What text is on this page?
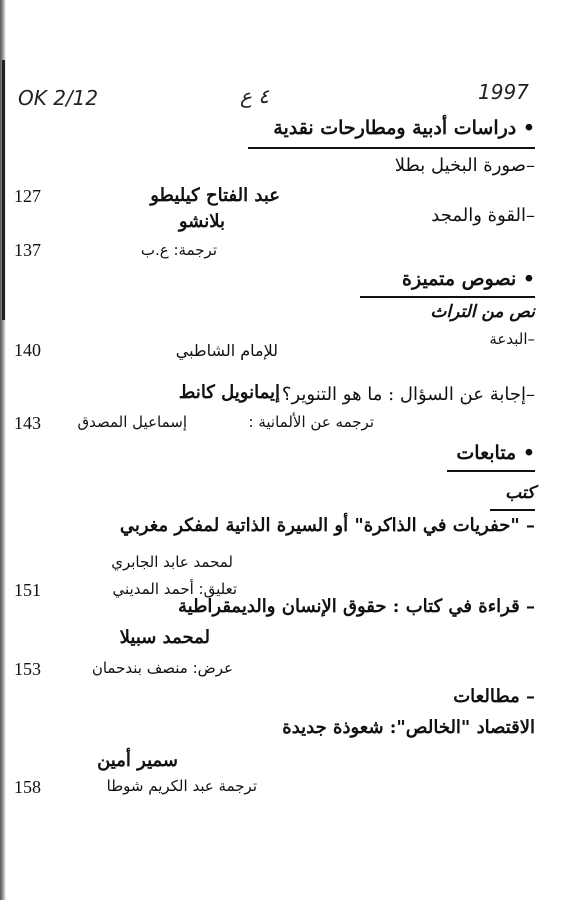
OK 2/12	٤ ع	1997
• دراسات أدبية ومطارحات نقدية
–صورة البخيل بطلا
عبد الفتاح كيليطو
127
–القوة والمجد
بلانشو
ترجمة: ع.ب
137
• نصوص متميزة
نص من التراث
–البدعة
للإمام الشاطبي
140
–إجابة عن السؤال : ما هو التنوير؟
إيمانويل كانط
ترجمه عن الألمانية :
إسماعيل المصدق
143
• متابعات
كتب
– "حفريات في الذاكرة" أو السيرة الذاتية لمفكر مغربي
لمحمد عابد الجابري
تعليق: أحمد المديني
151
– قراءة في كتاب : حقوق الإنسان والديمقراطية
لمحمد سبيلا
عرض: منصف بندحمان
153
– مطالعات
الاقتصاد "الخالص": شعوذة جديدة
سمير أمين
ترجمة عبد الكريم شوطا
158
